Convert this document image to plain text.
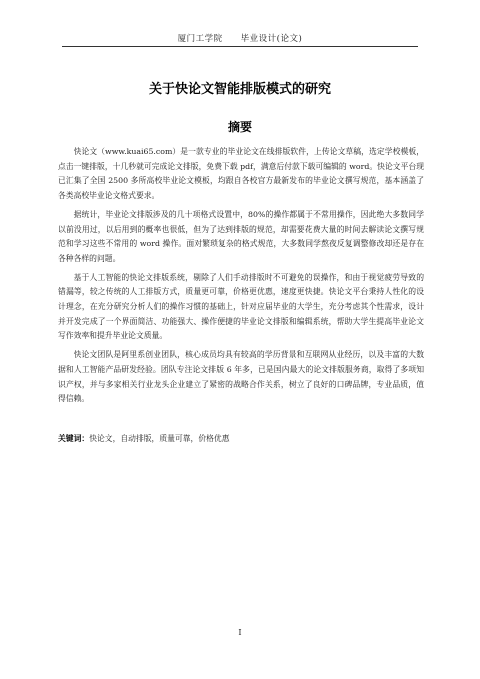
厦门工学院　　毕业设计(论文)
关于快论文智能排版模式的研究
摘要

快论文（www.kuai65.com）是一款专业的毕业论文在线排版软件，上传论文草稿，选定学校模板，点击一键排版，十几秒就可完成论文排版，免费下载 pdf，满意后付款下载可编辑的 word。快论文平台现已汇集了全国 2500 多所高校毕业论文模板，均跟自各校官方最新发布的毕业论文撰写规范，基本涵盖了各类高校毕业论文格式要求。

据统计，毕业论文排版涉及的几十项格式设置中，80%的操作都属于不常用操作，因此绝大多数同学以前没用过，以后用到的概率也很低，但为了达到排版的规范，却需要花费大量的时间去解读论文撰写规范和学习这些不常用的 word 操作。面对繁琐复杂的格式规范，大多数同学熬夜反复调整修改却还是存在各种各样的问题。

基于人工智能的快论文排版系统，剔除了人们手动排版时不可避免的误操作，和由于视觉疲劳导致的错漏等，较之传统的人工排版方式，质量更可靠，价格更优惠，速度更快捷。快论文平台秉持人性化的设计理念，在充分研究分析人们的操作习惯的基础上，针对应届毕业的大学生，充分考虑其个性需求，设计并开发完成了一个界面简洁、功能强大、操作便捷的毕业论文排版和编辑系统，帮助大学生提高毕业论文写作效率和提升毕业论文质量。

快论文团队是阿里系创业团队，核心成员均具有较高的学历背景和互联网从业经历，以及丰富的大数据和人工智能产品研发经验。团队专注论文排版 6 年多，已是国内最大的论文排版服务商，取得了多项知识产权，并与多家相关行业龙头企业建立了紧密的战略合作关系，树立了良好的口碑品牌，专业品质，值得信赖。

关键词：快论文，自动排版，质量可靠，价格优惠
I
